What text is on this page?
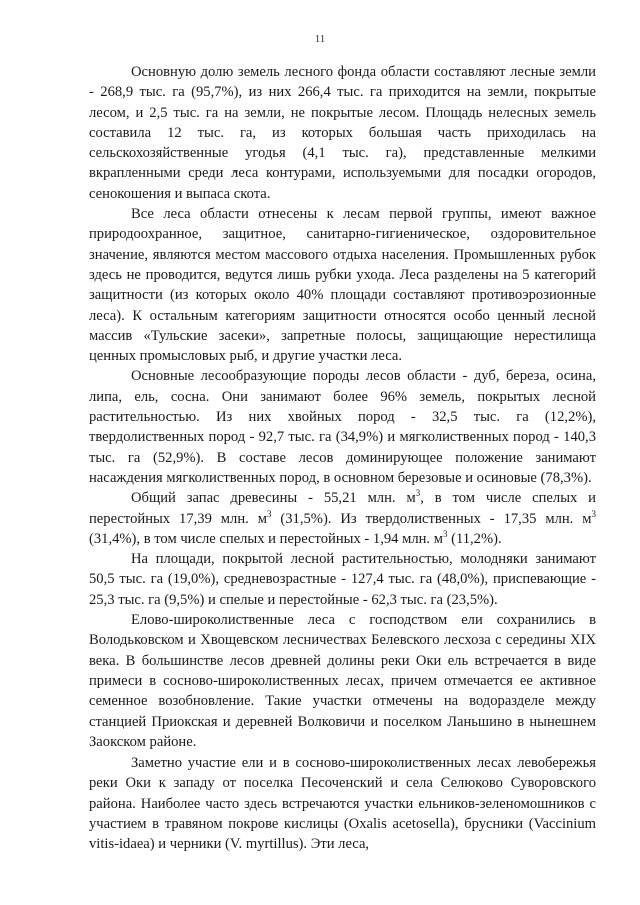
11

Основную долю земель лесного фонда области составляют лесные земли - 268,9 тыс. га (95,7%), из них 266,4 тыс. га приходится на земли, покрытые лесом, и 2,5 тыс. га на земли, не покрытые лесом. Площадь нелесных земель составила 12 тыс. га, из которых большая часть приходилась на сельскохозяйственные угодья (4,1 тыс. га), представленные мелкими вкрапленными среди леса контурами, используемыми для посадки огородов, сенокошения и выпаса скота.

Все леса области отнесены к лесам первой группы, имеют важное природоохранное, защитное, санитарно-гигиеническое, оздоровительное значение, являются местом массового отдыха населения. Промышленных рубок здесь не проводится, ведутся лишь рубки ухода. Леса разделены на 5 категорий защитности (из которых около 40% площади составляют противоэрозионные леса). К остальным категориям защитности относятся особо ценный лесной массив «Тульские засеки», запретные полосы, защищающие нерестилища ценных промысловых рыб, и другие участки леса.

Основные лесообразующие породы лесов области - дуб, береза, осина, липа, ель, сосна. Они занимают более 96% земель, покрытых лесной растительностью. Из них хвойных пород - 32,5 тыс. га (12,2%), твердолиственных пород - 92,7 тыс. га (34,9%) и мягколиственных пород - 140,3 тыс. га (52,9%). В составе лесов доминирующее положение занимают насаждения мягколиственных пород, в основном березовые и осиновые (78,3%).

Общий запас древесины - 55,21 млн. $м^3$, в том числе спелых и перестойных 17,39 млн. $м^3$ (31,5%). Из твердолиственных - 17,35 млн. $м^3$ (31,4%), в том числе спелых и перестойных - 1,94 млн. $м^3$ (11,2%).

На площади, покрытой лесной растительностью, молодняки занимают 50,5 тыс. га (19,0%), средневозрастные - 127,4 тыс. га (48,0%), приспевающие - 25,3 тыс. га (9,5%) и спелые и перестойные - 62,3 тыс. га (23,5%).

Елово-широколиственные леса с господством ели сохранились в Володьковском и Хвощевском лесничествах Белевского лесхоза с середины XIX века. В большинстве лесов древней долины реки Оки ель встречается в виде примеси в сосново-широколиственных лесах, причем отмечается ее активное семенное возобновление. Такие участки отмечены на водоразделе между станцией Приокская и деревней Волковичи и поселком Ланьшино в нынешнем Заокском районе.

Заметно участие ели и в сосново-широколиственных лесах левобережья реки Оки к западу от поселка Песоченский и села Селюково Суворовского района. Наиболее часто здесь встречаются участки ельников-зеленомошников с участием в травяном покрове кислицы (Oxalis acetosella), брусники (Vaccinium vitis-idaea) и черники (V. myrtillus). Эти леса,
